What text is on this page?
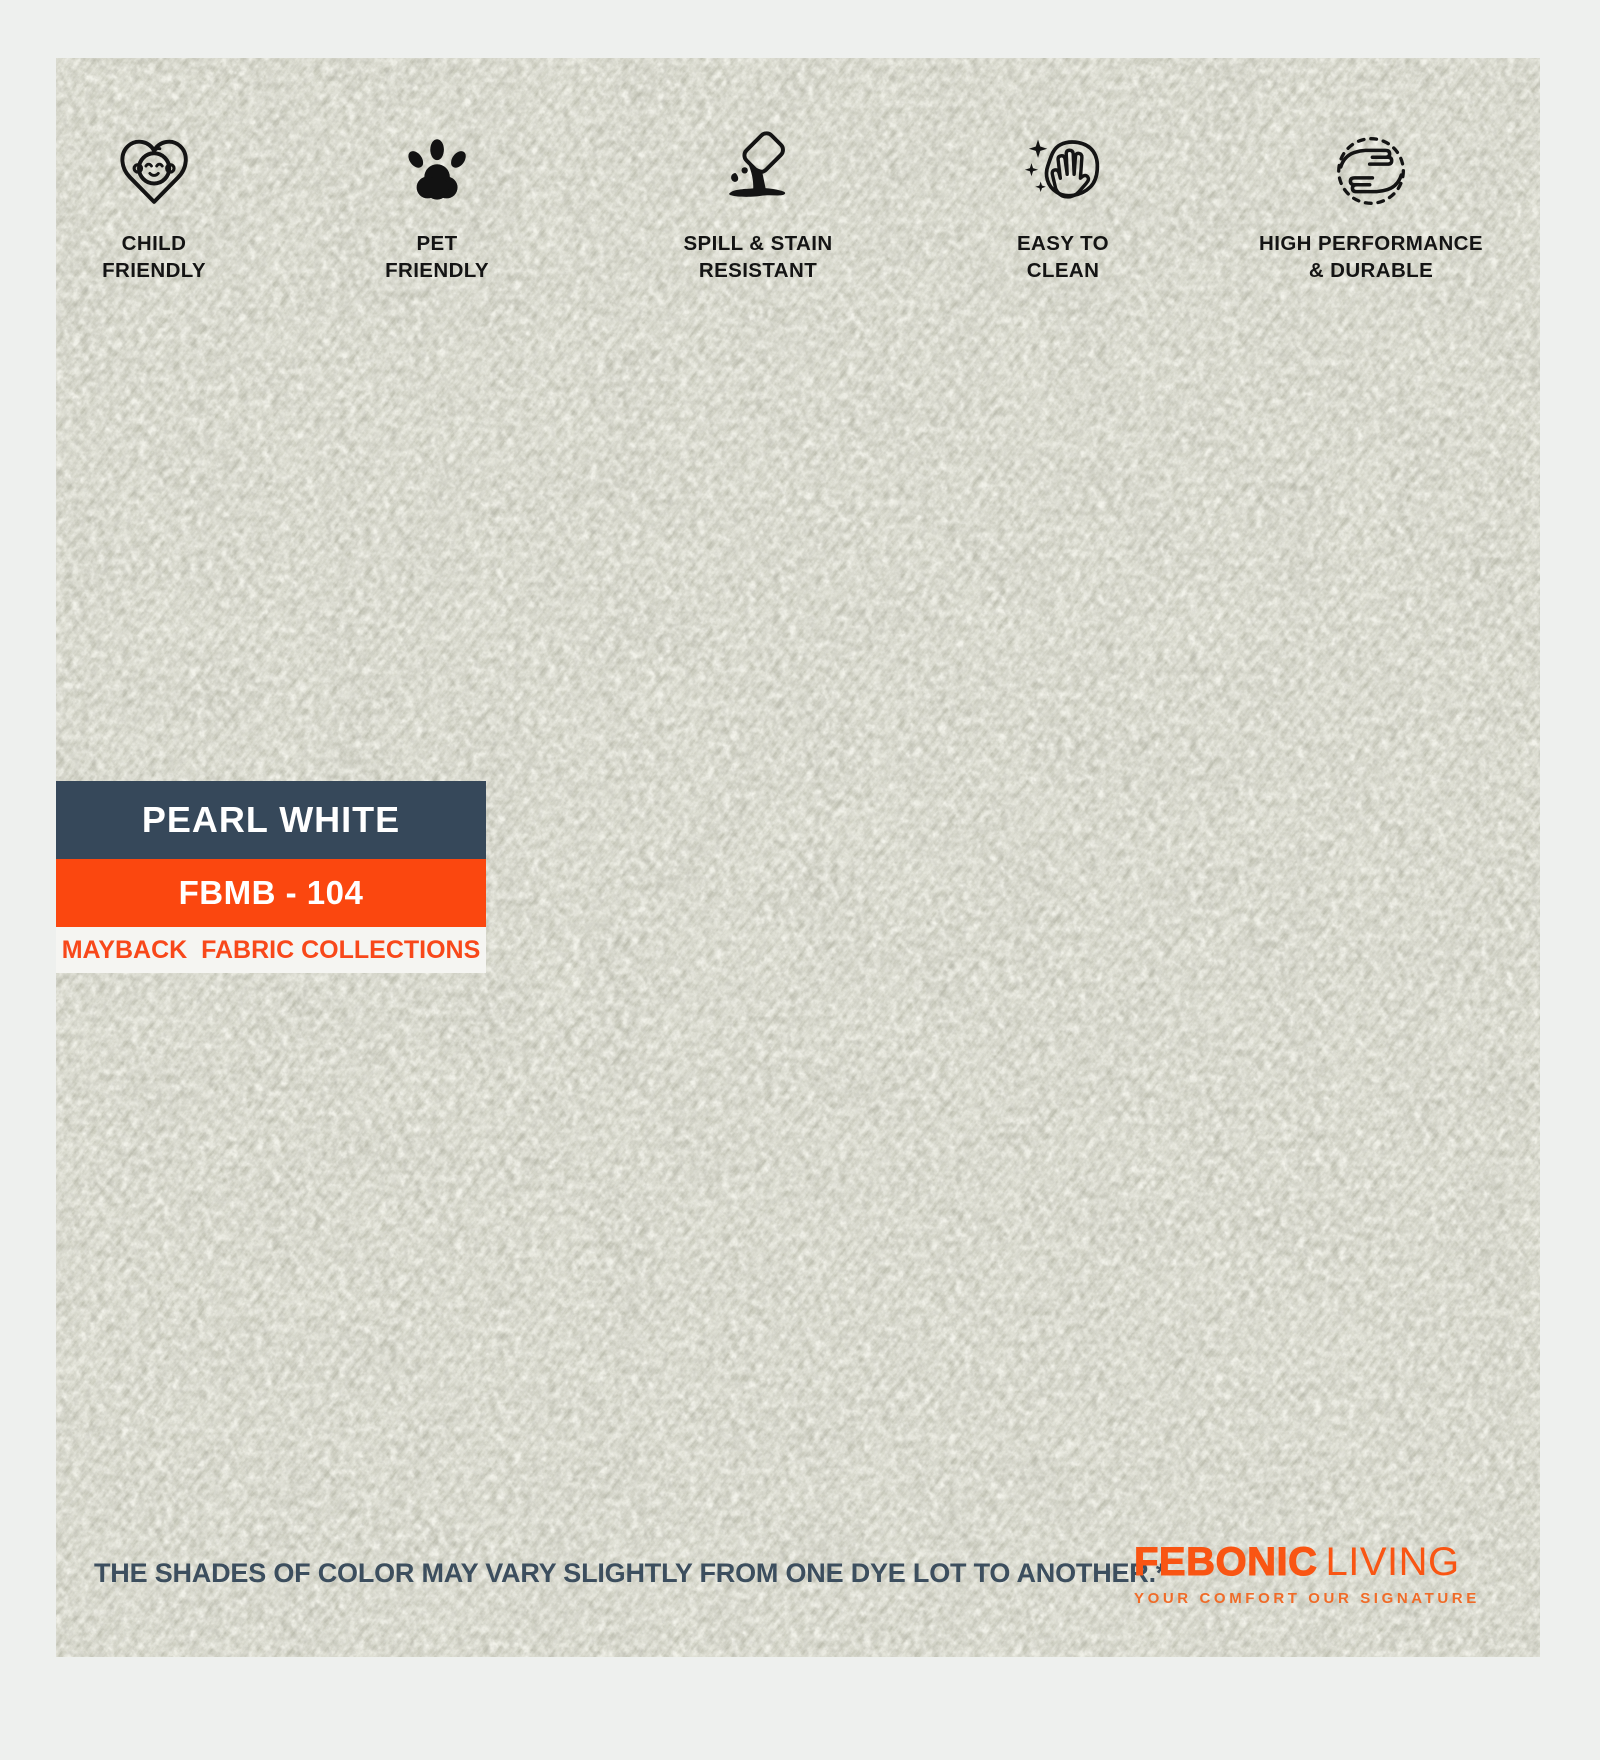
CHILD
FRIENDLY
PET
FRIENDLY
SPILL & STAIN
RESISTANT
EASY TO
CLEAN
HIGH PERFORMANCE
& DURABLE
PEARL WHITE
FBMB - 104
MAYBACK  FABRIC COLLECTIONS
THE SHADES OF COLOR MAY VARY SLIGHTLY FROM ONE DYE LOT TO ANOTHER.*
FEBONIC LIVING
YOUR COMFORT OUR SIGNATURE
